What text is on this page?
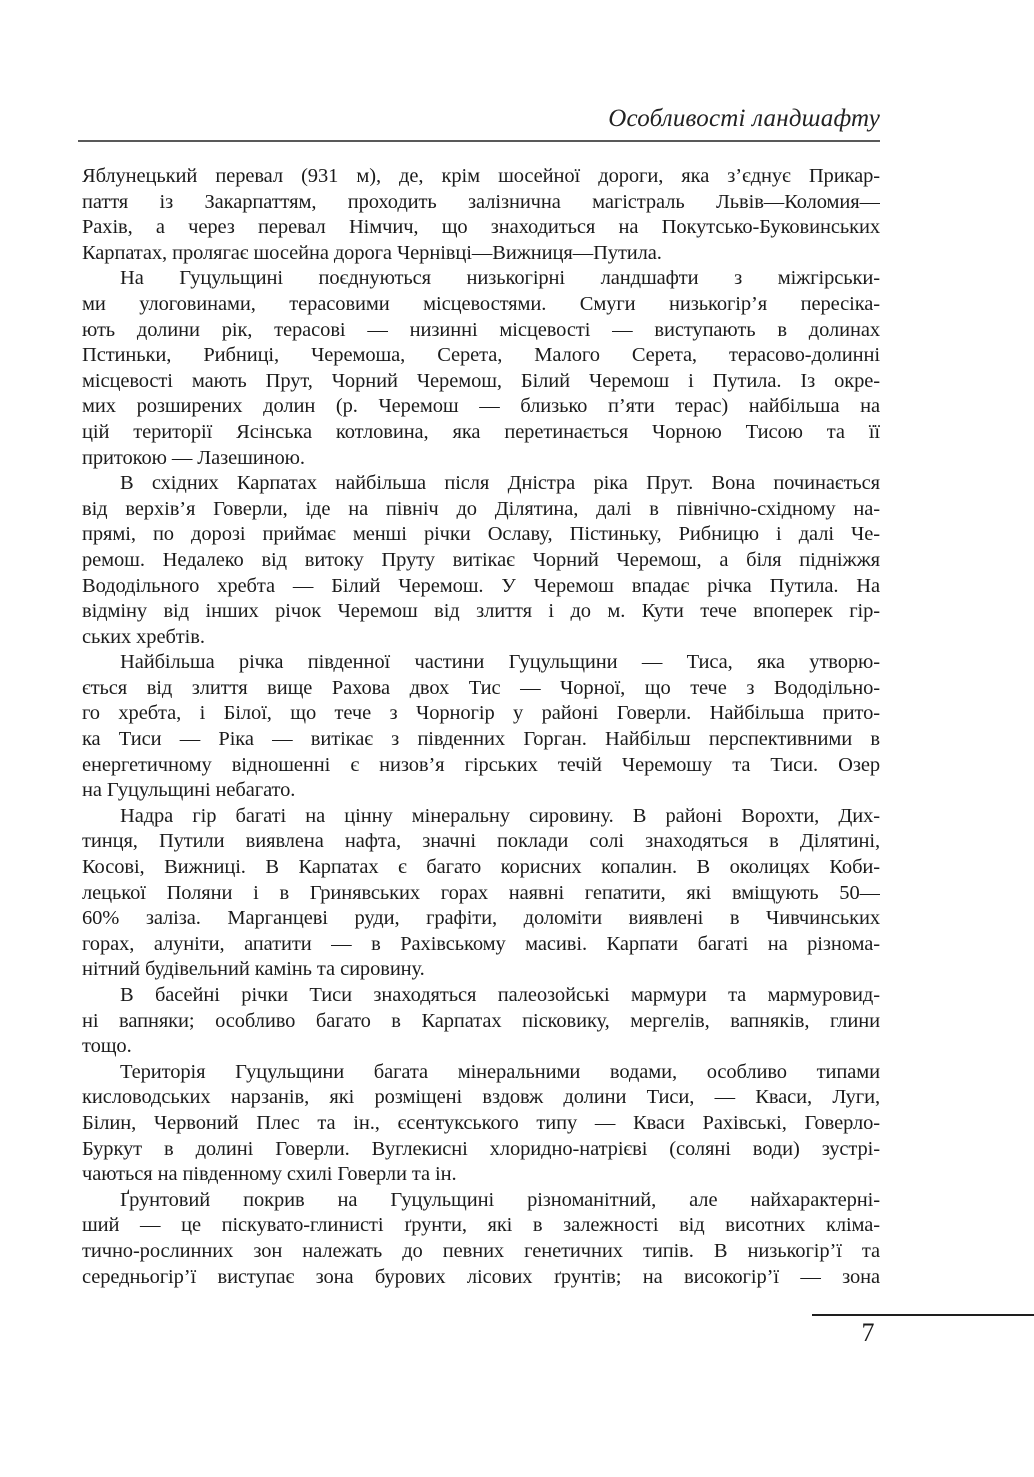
Особливості ландшафту
Яблунецький перевал (931 м), де, крім шосейної дороги, яка з’єднує Прикар-
паття із Закарпаттям, проходить залізнична магістраль Львів—Коломия—
Рахів, а через перевал Німчич, що знаходиться на Покутсько-Буковинських
Карпатах, пролягає шосейна дорога Чернівці—Вижниця—Путила.
На Гуцульщині поєднуються низькогірні ландшафти з міжгірськи-
ми улоговинами, терасовими місцевостями. Смуги низькогір’я пересіка-
ють долини рік, терасові — низинні місцевості — виступають в долинах
Пстиньки, Рибниці, Черемоша, Серета, Малого Серета, терасово-долинні
місцевості мають Прут, Чорний Черемош, Білий Черемош і Путила. Із окре-
мих розширених долин (р. Черемош — близько п’яти терас) найбільша на
цій території Ясінська котловина, яка перетинається Чорною Тисою та її
притокою — Лазешиною.
В східних Карпатах найбільша після Дністра ріка Прут. Вона починається
від верхів’я Говерли, іде на північ до Ділятина, далі в північно-східному на-
прямі, по дорозі приймає менші річки Ославу, Пістиньку, Рибницю і далі Че-
ремош. Недалеко від витоку Пруту витікає Чорний Черемош, а біля підніжжя
Вододільного хребта — Білий Черемош. У Черемош впадає річка Путила. На
відміну від інших річок Черемош від злиття і до м. Кути тече впоперек гір-
ських хребтів.
Найбільша річка південної частини Гуцульщини — Тиса, яка утворю-
ється від злиття вище Рахова двох Тис — Чорної, що тече з Вододільно-
го хребта, і Білої, що тече з Чорногір у районі Говерли. Найбільша прито-
ка Тиси — Ріка — витікає з південних Горган. Найбільш перспективними в
енергетичному відношенні є низов’я гірських течій Черемошу та Тиси. Озер
на Гуцульщині небагато.
Надра гір багаті на цінну мінеральну сировину. В районі Ворохти, Дих-
тинця, Путили виявлена нафта, значні поклади солі знаходяться в Ділятині,
Косові, Вижниці. В Карпатах є багато корисних копалин. В околицях Коби-
лецької Поляни і в Гринявських горах наявні гепатити, які вміщують 50—
60% заліза. Марганцеві руди, графіти, доломіти виявлені в Чивчинських
горах, алуніти, апатити — в Рахівському масиві. Карпати багаті на різнома-
нітний будівельний камінь та сировину.
В басейні річки Тиси знаходяться палеозойські мармури та мармуровид-
ні вапняки; особливо багато в Карпатах пісковику, мергелів, вапняків, глини
тощо.
Територія Гуцульщини багата мінеральними водами, особливо типами
кисловодських нарзанів, які розміщені вздовж долини Тиси, — Кваси, Луги,
Білин, Червоний Плес та ін., єсентукського типу — Кваси Рахівські, Говерло-
Буркут в долині Говерли. Вуглекисні хлоридно-натрієві (соляні води) зустрі-
чаються на південному схилі Говерли та ін.
Ґрунтовий покрив на Гуцульщині різноманітний, але найхарактерні-
ший — це піскувато-глинисті ґрунти, які в залежності від висотних кліма-
тично-рослинних зон належать до певних генетичних типів. В низькогір’ї та
середньогір’ї виступає зона бурових лісових ґрунтів; на високогір’ї — зона
7
